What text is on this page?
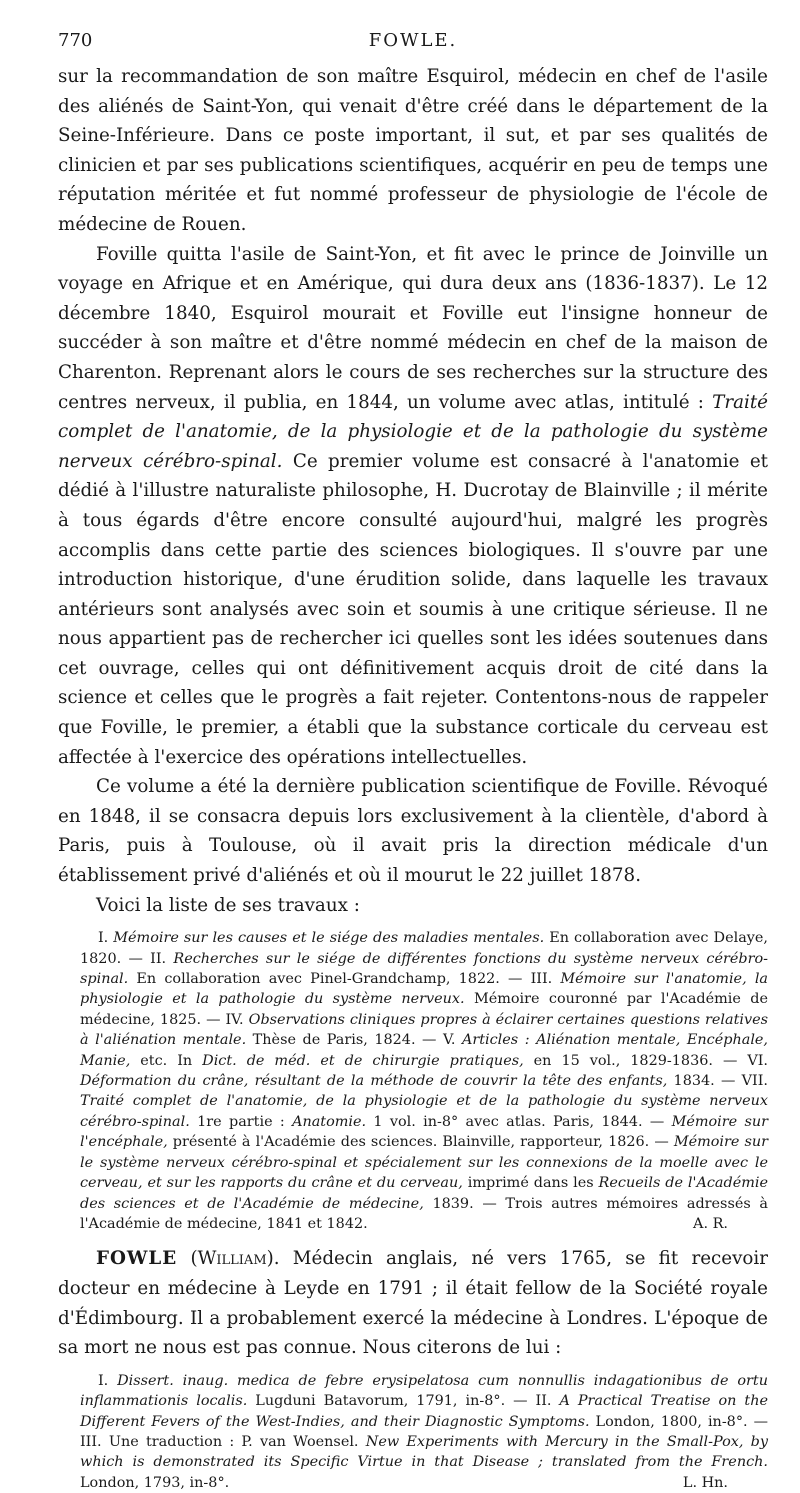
770	FOWLE.

sur la recommandation de son maître Esquirol, médecin en chef de l'asile des aliénés de Saint-Yon, qui venait d'être créé dans le département de la Seine-Inférieure. Dans ce poste important, il sut, et par ses qualités de clinicien et par ses publications scientifiques, acquérir en peu de temps une réputation méritée et fut nommé professeur de physiologie de l'école de médecine de Rouen.

Foville quitta l'asile de Saint-Yon, et fit avec le prince de Joinville un voyage en Afrique et en Amérique, qui dura deux ans (1836-1837). Le 12 décembre 1840, Esquirol mourait et Foville eut l'insigne honneur de succéder à son maître et d'être nommé médecin en chef de la maison de Charenton. Reprenant alors le cours de ses recherches sur la structure des centres nerveux, il publia, en 1844, un volume avec atlas, intitulé : Traité complet de l'anatomie, de la physiologie et de la pathologie du système nerveux cérébro-spinal. Ce premier volume est consacré à l'anatomie et dédié à l'illustre naturaliste philosophe, H. Ducrotay de Blainville ; il mérite à tous égards d'être encore consulté aujourd'hui, malgré les progrès accomplis dans cette partie des sciences biologiques. Il s'ouvre par une introduction historique, d'une érudition solide, dans laquelle les travaux antérieurs sont analysés avec soin et soumis à une critique sérieuse. Il ne nous appartient pas de rechercher ici quelles sont les idées soutenues dans cet ouvrage, celles qui ont définitivement acquis droit de cité dans la science et celles que le progrès a fait rejeter. Contentons-nous de rappeler que Foville, le premier, a établi que la substance corticale du cerveau est affectée à l'exercice des opérations intellectuelles.

Ce volume a été la dernière publication scientifique de Foville. Révoqué en 1848, il se consacra depuis lors exclusivement à la clientèle, d'abord à Paris, puis à Toulouse, où il avait pris la direction médicale d'un établissement privé d'aliénés et où il mourut le 22 juillet 1878.

Voici la liste de ses travaux :

I. Mémoire sur les causes et le siége des maladies mentales. En collaboration avec Delaye, 1820. — II. Recherches sur le siége de différentes fonctions du système nerveux cérébro-spinal. En collaboration avec Pinel-Grandchamp, 1822. — III. Mémoire sur l'anatomie, la physiologie et la pathologie du système nerveux. Mémoire couronné par l'Académie de médecine, 1825. — IV. Observations cliniques propres à éclairer certaines questions relatives à l'aliénation mentale. Thèse de Paris, 1824. — V. Articles : Aliénation mentale, Encéphale, Manie, etc. In Dict. de méd. et de chirurgie pratiques, en 15 vol., 1829-1836. — VI. Déformation du crâne, résultant de la méthode de couvrir la tête des enfants, 1834. — VII. Traité complet de l'anatomie, de la physiologie et de la pathologie du système nerveux cérébro-spinal. 1re partie : Anatomie. 1 vol. in-8° avec atlas. Paris, 1844. — Mémoire sur l'encéphale, présenté à l'Académie des sciences. Blainville, rapporteur, 1826. — Mémoire sur le système nerveux cérébro-spinal et spécialement sur les connexions de la moelle avec le cerveau, et sur les rapports du crâne et du cerveau, imprimé dans les Recueils de l'Académie des sciences et de l'Académie de médecine, 1839. — Trois autres mémoires adressés à l'Académie de médecine, 1841 et 1842.	A. R.

FOWLE (William). Médecin anglais, né vers 1765, se fit recevoir docteur en médecine à Leyde en 1791 ; il était fellow de la Société royale d'Édimbourg. Il a probablement exercé la médecine à Londres. L'époque de sa mort ne nous est pas connue. Nous citerons de lui :

I. Dissert. inaug. medica de febre erysipelatosa cum nonnullis indagationibus de ortu inflammationis localis. Lugduni Batavorum, 1791, in-8°. — II. A Practical Treatise on the Different Fevers of the West-Indies, and their Diagnostic Symptoms. London, 1800, in-8°. — III. Une traduction : P. van Woensel. New Experiments with Mercury in the Small-Pox, by which is demonstrated its Specific Virtue in that Disease ; translated from the French. London, 1793, in-8°.	L. Hn.
